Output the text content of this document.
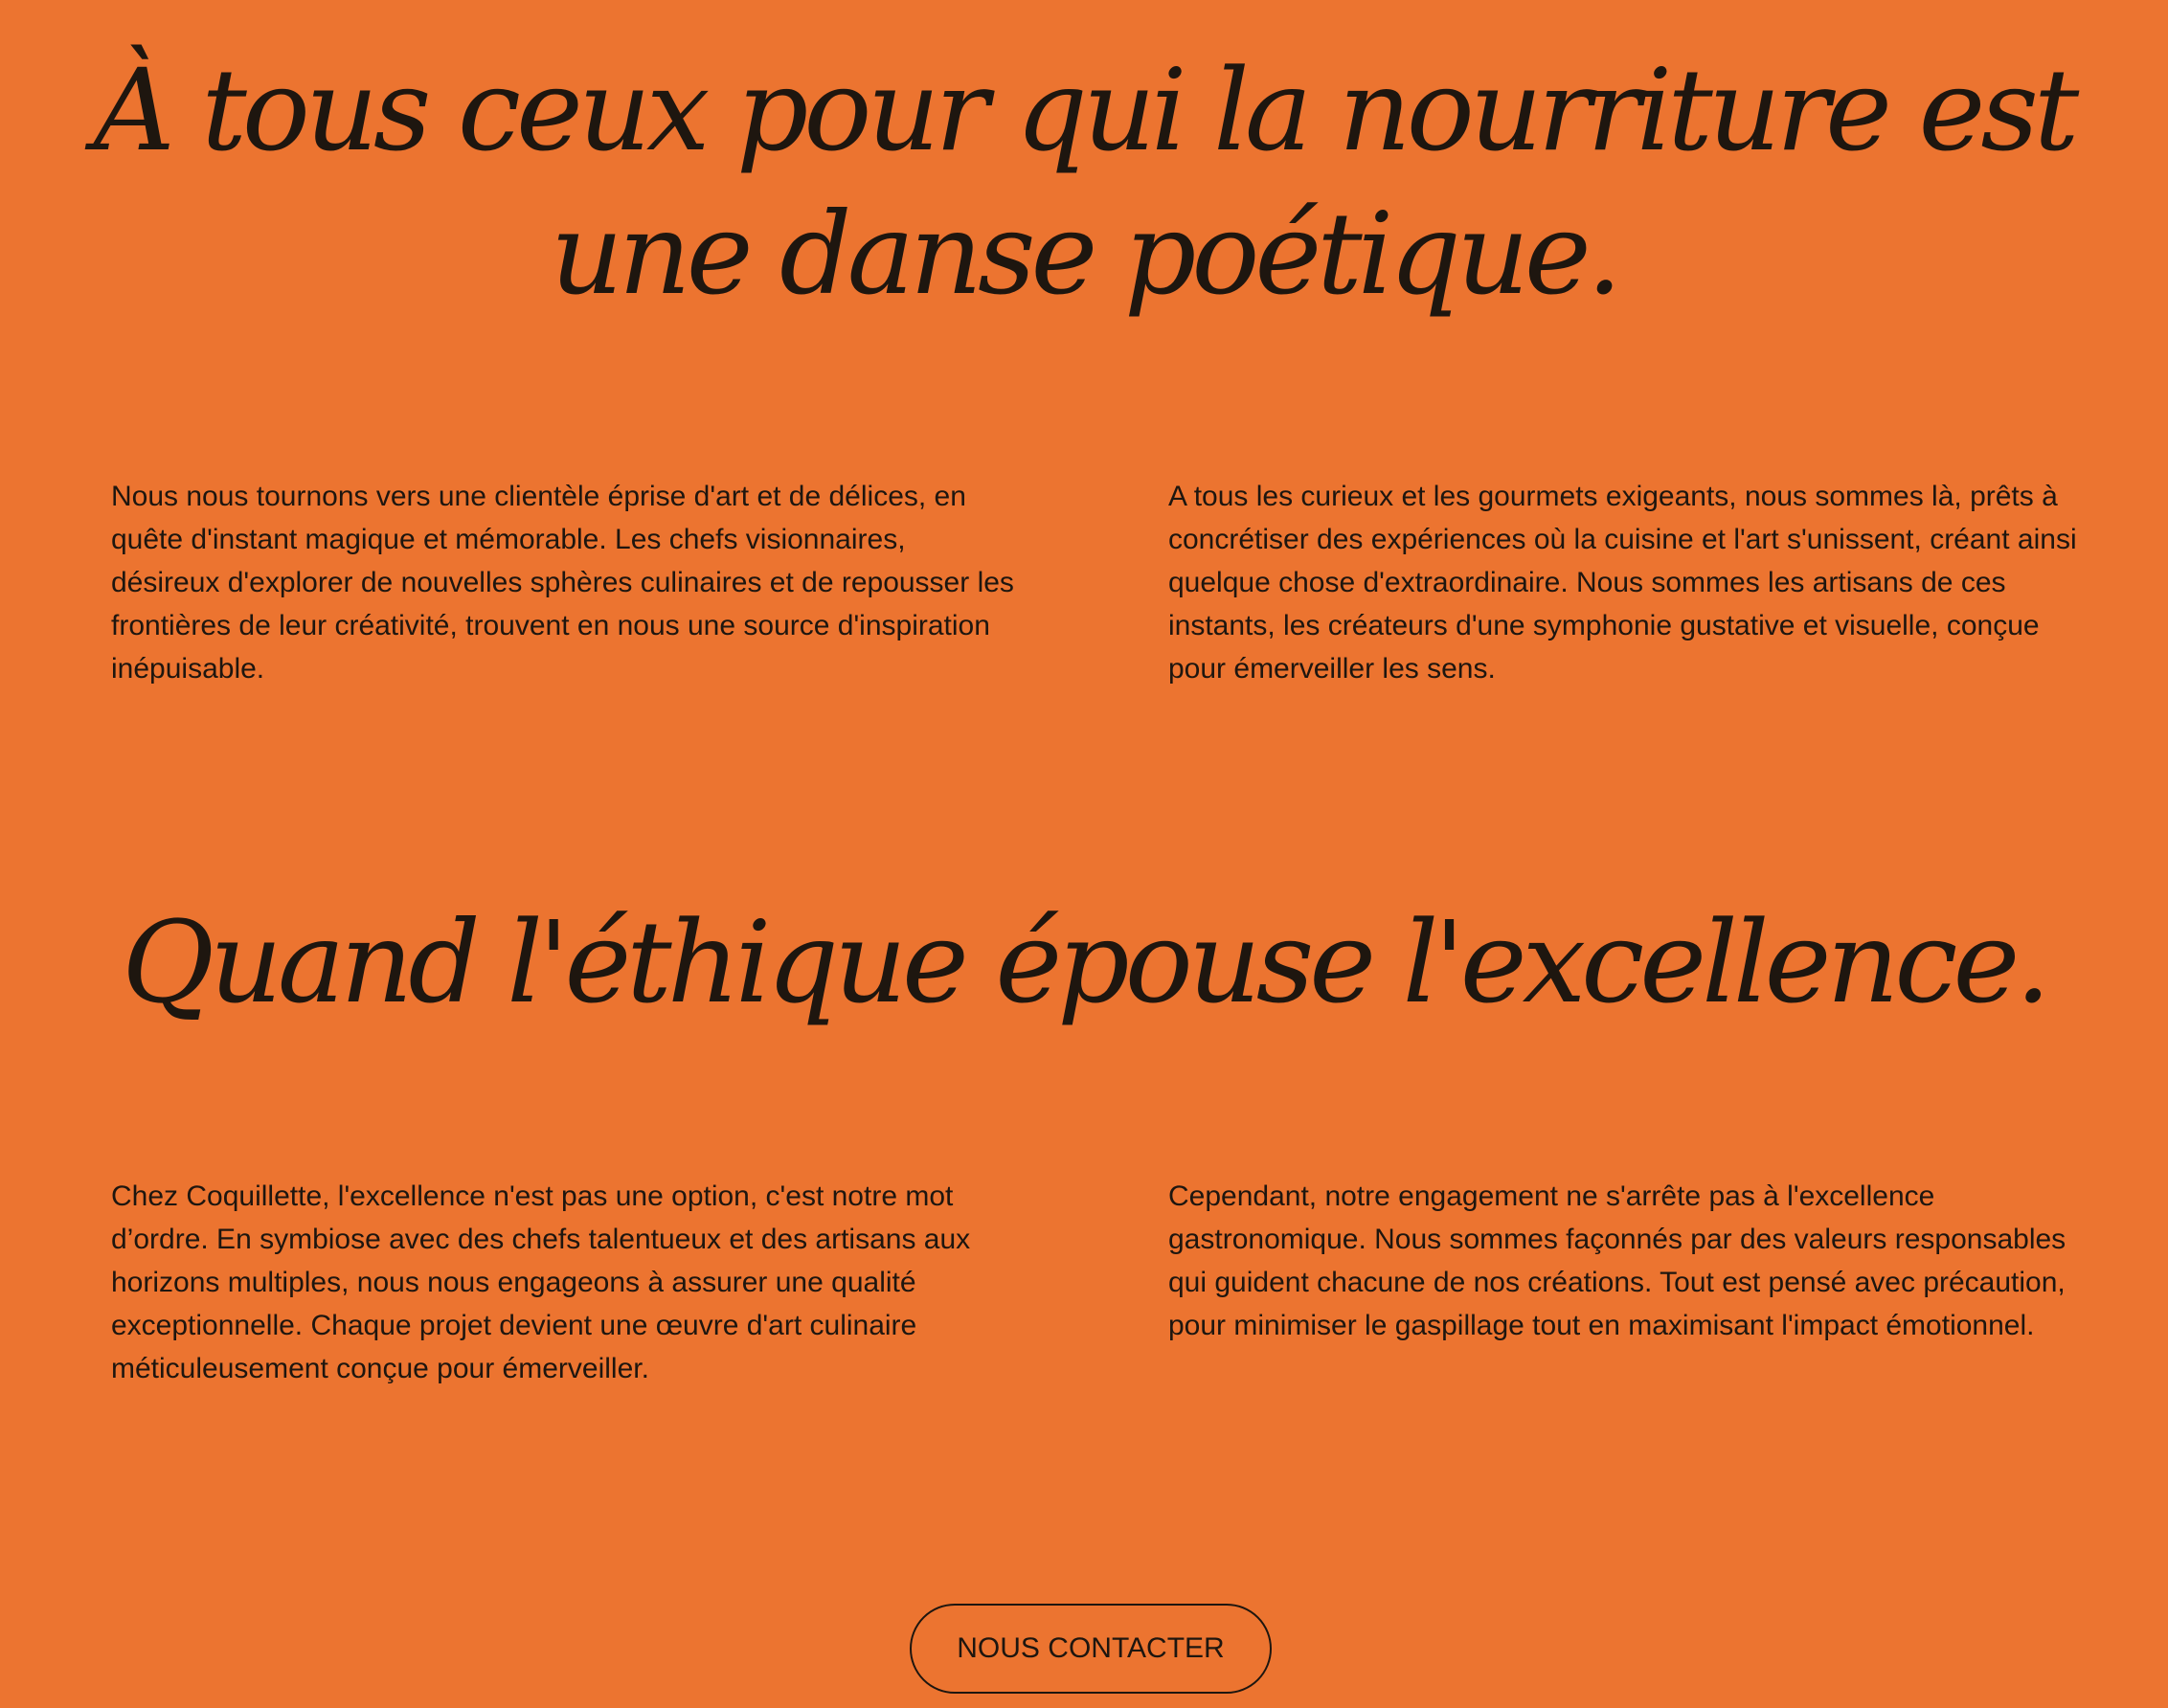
À tous ceux pour qui la nourriture est une danse poétique.

Nous nous tournons vers une clientèle éprise d'art et de délices, en quête d'instant magique et mémorable. Les chefs visionnaires, désireux d'explorer de nouvelles sphères culinaires et de repousser les frontières de leur créativité, trouvent en nous une source d'inspiration inépuisable.

A tous les curieux et les gourmets exigeants, nous sommes là, prêts à concrétiser des expériences où la cuisine et l'art s'unissent, créant ainsi quelque chose d'extraordinaire. Nous sommes les artisans de ces instants, les créateurs d'une symphonie gustative et visuelle, conçue pour émerveiller les sens.

Quand l'éthique épouse l'excellence.

Chez Coquillette, l'excellence n'est pas une option, c'est notre mot d’ordre. En symbiose avec des chefs talentueux et des artisans aux horizons multiples, nous nous engageons à assurer une qualité exceptionnelle. Chaque projet devient une œuvre d'art culinaire méticuleusement conçue pour émerveiller.

Cependant, notre engagement ne s'arrête pas à l'excellence gastronomique. Nous sommes façonnés par des valeurs responsables qui guident chacune de nos créations. Tout est pensé avec précaution, pour minimiser le gaspillage tout en maximisant l'impact émotionnel.

NOUS CONTACTER
